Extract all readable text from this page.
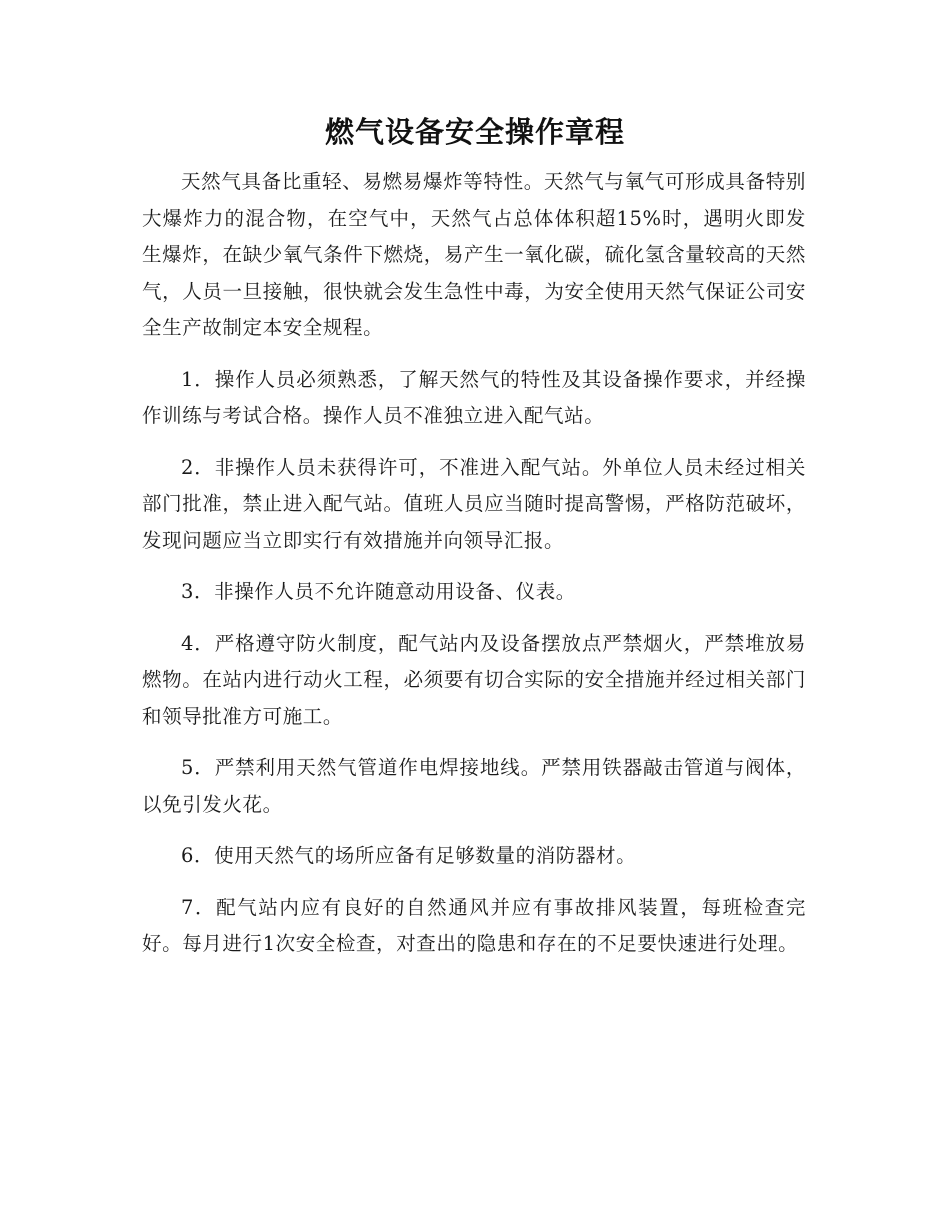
燃气设备安全操作章程

天然气具备比重轻、易燃易爆炸等特性。天然气与氧气可形成具备特别大爆炸力的混合物，在空气中，天然气占总体体积超15%时，遇明火即发生爆炸，在缺少氧气条件下燃烧，易产生一氧化碳，硫化氢含量较高的天然气，人员一旦接触，很快就会发生急性中毒，为安全使用天然气保证公司安全生产故制定本安全规程。

1．操作人员必须熟悉，了解天然气的特性及其设备操作要求，并经操作训练与考试合格。操作人员不准独立进入配气站。

2．非操作人员未获得许可，不准进入配气站。外单位人员未经过相关部门批准，禁止进入配气站。值班人员应当随时提高警惕，严格防范破坏，发现问题应当立即实行有效措施并向领导汇报。

3．非操作人员不允许随意动用设备、仪表。

4．严格遵守防火制度，配气站内及设备摆放点严禁烟火，严禁堆放易燃物。在站内进行动火工程，必须要有切合实际的安全措施并经过相关部门和领导批准方可施工。

5．严禁利用天然气管道作电焊接地线。严禁用铁器敲击管道与阀体，以免引发火花。

6．使用天然气的场所应备有足够数量的消防器材。

7．配气站内应有良好的自然通风并应有事故排风装置，每班检查完好。每月进行1次安全检查，对查出的隐患和存在的不足要快速进行处理。
